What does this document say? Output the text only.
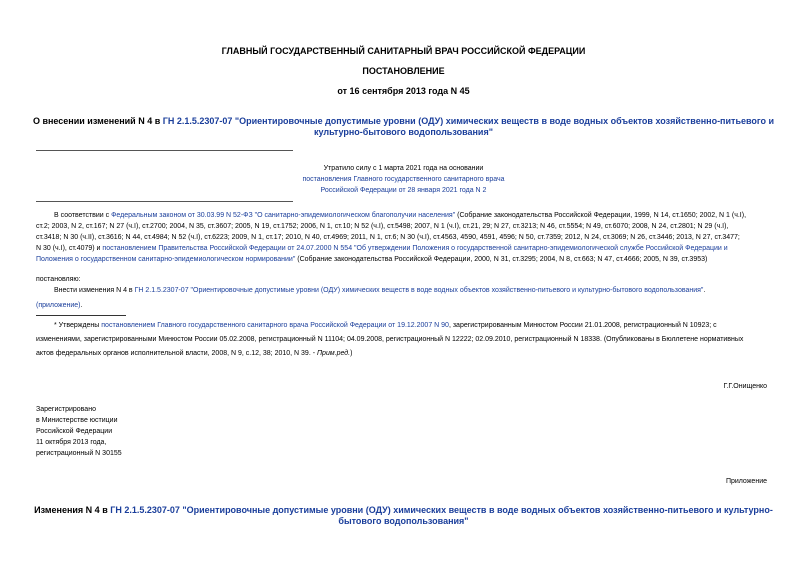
ГЛАВНЫЙ ГОСУДАРСТВЕННЫЙ САНИТАРНЫЙ ВРАЧ РОССИЙСКОЙ ФЕДЕРАЦИИ
ПОСТАНОВЛЕНИЕ
от 16 сентября 2013 года N 45
О внесении изменений N 4 в ГН 2.1.5.2307-07 "Ориентировочные допустимые уровни (ОДУ) химических веществ в воде водных объектов хозяйственно-питьевого и
культурно-бытового водопользования"
Утратило силу с 1 марта 2021 года на основании
постановления Главного государственного санитарного врача
Российской Федерации от 28 января 2021 года N 2
В соответствии с Федеральным законом от 30.03.99 N 52-ФЗ "О санитарно-эпидемиологическом благополучии населения" (Собрание законодательства Российской Федерации, 1999, N 14, ст.1650; 2002, N 1 (ч.I),
ст.2; 2003, N 2, ст.167; N 27 (ч.I), ст.2700; 2004, N 35, ст.3607; 2005, N 19, ст.1752; 2006, N 1, ст.10; N 52 (ч.I), ст.5498; 2007, N 1 (ч.I), ст.21, 29; N 27, ст.3213; N 46, ст.5554; N 49, ст.6070; 2008, N 24, ст.2801; N 29 (ч.I),
ст.3418; N 30 (ч.II), ст.3616; N 44, ст.4984; N 52 (ч.I), ст.6223; 2009, N 1, ст.17; 2010, N 40, ст.4969; 2011, N 1, ст.6; N 30 (ч.I), ст.4563, 4590, 4591, 4596; N 50, ст.7359; 2012, N 24, ст.3069; N 26, ст.3446; 2013, N 27, ст.3477;
N 30 (ч.I), ст.4079) и постановлением Правительства Российской Федерации от 24.07.2000 N 554 "Об утверждении Положения о государственной санитарно-эпидемиологической службе Российской Федерации и
Положения о государственном санитарно-эпидемиологическом нормировании" (Собрание законодательства Российской Федерации, 2000, N 31, ст.3295; 2004, N 8, ст.663; N 47, ст.4666; 2005, N 39, ст.3953)
постановляю:
Внести изменения N 4 в ГН 2.1.5.2307-07 "Ориентировочные допустимые уровни (ОДУ) химических веществ в воде водных объектов хозяйственно-питьевого и культурно-бытового водопользования".
(приложение).
* Утверждены постановлением Главного государственного санитарного врача Российской Федерации от 19.12.2007 N 90, зарегистрированным Минюстом России 21.01.2008, регистрационный N 10923; с
изменениями, зарегистрированными Минюстом России 05.02.2008, регистрационный N 11104; 04.09.2008, регистрационный N 12222; 02.09.2010, регистрационный N 18338. (Опубликованы в Бюллетене нормативных
актов федеральных органов исполнительной власти, 2008, N 9, с.12, 38; 2010, N 39. - Прим.ред.)
Г.Г.Онищенко
Зарегистрировано
в Министерстве юстиции
Российской Федерации
11 октября 2013 года,
регистрационный N 30155
Приложение
Изменения N 4 в ГН 2.1.5.2307-07 "Ориентировочные допустимые уровни (ОДУ) химических веществ в воде водных объектов хозяйственно-питьевого и культурно-
бытового водопользования"
